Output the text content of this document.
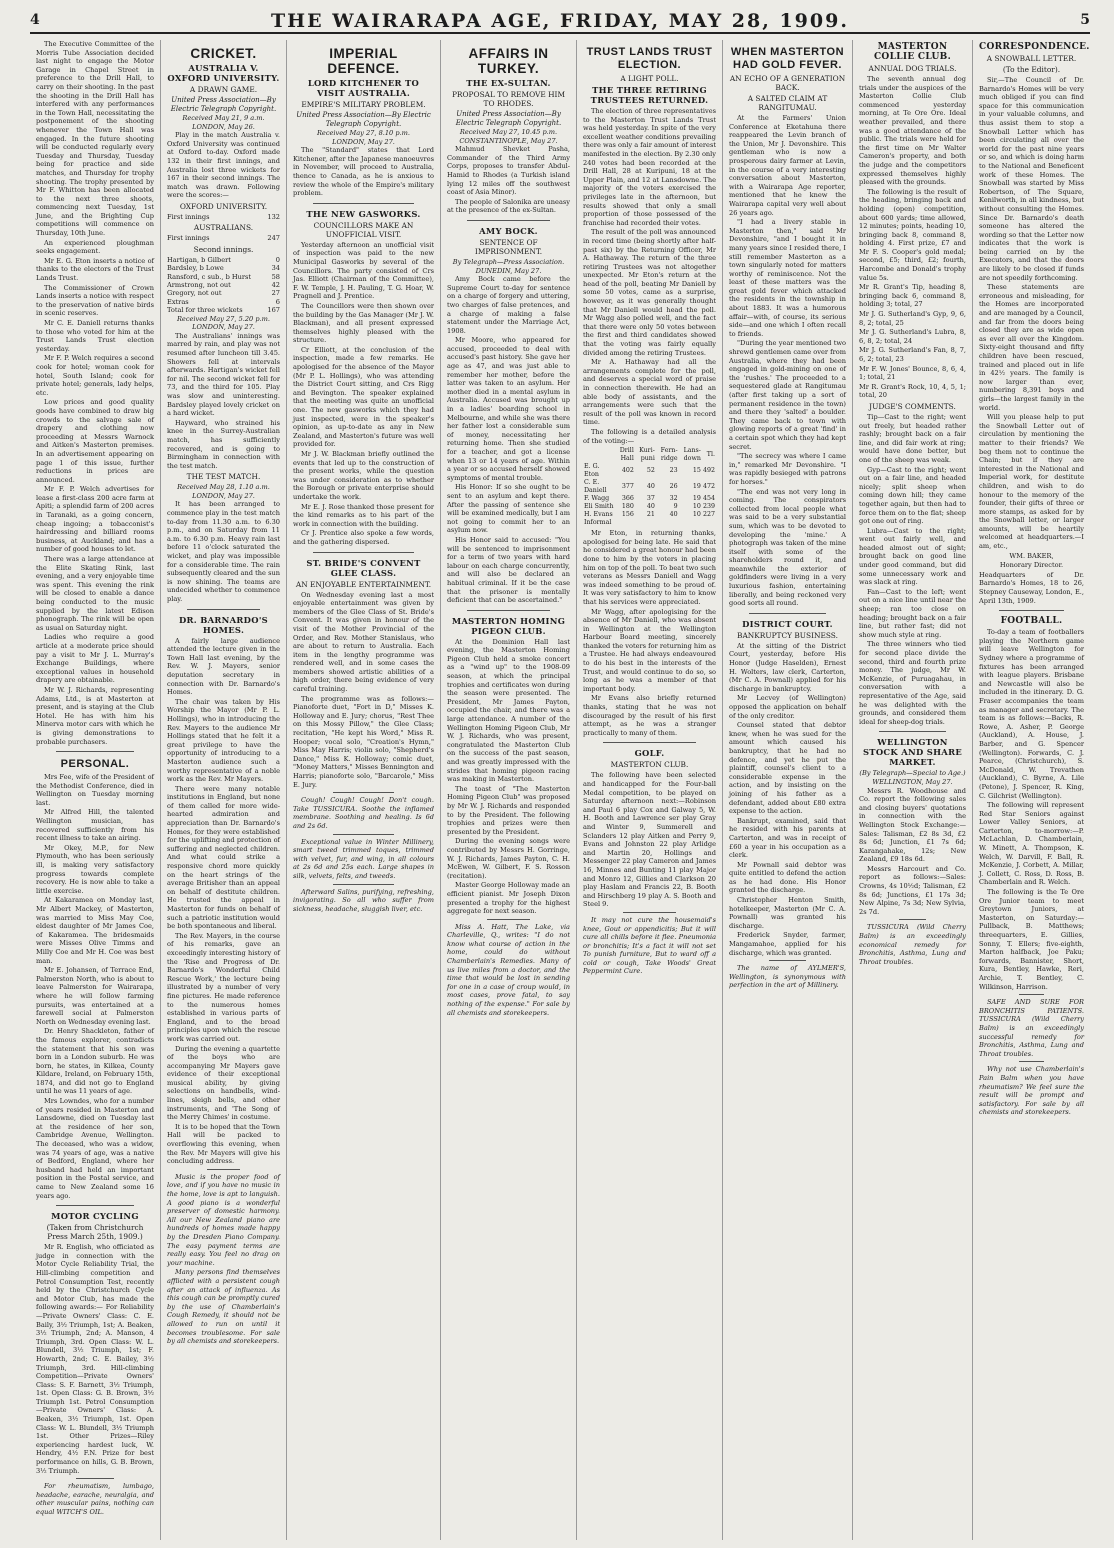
4	THE WAIRARAPA AGE, FRIDAY, MAY 28, 1909.	5

The Executive Committee of the Morris Tube Association decided last night to engage the Motor Garage in Chapel Street in preference to the Drill Hall, to carry on their shooting. In the past the shooting in the Drill Hall has interfered with any performances in the Town Hall, necessitating the postponement of the shooting whenever the Town Hall was engaged. In the future shooting will be conducted regularly every Tuesday and Thursday, Tuesday being for practice and side matches, and Thursday for trophy shooting. The trophy presented by Mr F. Whitton has been allocated to the next three shoots, commencing next Tuesday, 1st June, and the Brighting Cup competitions will commence on Thursday, 10th June.

An experienced ploughman seeks engagement.

Mr E. G. Eton inserts a notice of thanks to the electors of the Trust Lands Trust.

The Commissioner of Crown Lands inserts a notice with respect to the preservation of native birds in scenic reserves.

Mr C. E. Daniell returns thanks to those who voted for him at the Trust Lands Trust election yesterday.

Mr F. P. Welch requires a second cook for hotel; woman cook for hotel, South Island; cook for private hotel; generals, lady helps, etc.

Low prices and good quality goods have combined to draw big crowds to the salvage sale of drapery and clothing now proceeding at Messrs Warnock and Aitken's Masterton premises. In an advertisement appearing on page 1 of this issue, further reductions in prices are announced.

Mr F. P. Welch advertises for lease a first-class 200 acre farm at Apiti; a splendid farm of 200 acres in Taranaki, as a going concern, cheap ingoing; a tobacconist's hairdressing and billiard rooms business, at Auckland; and has a number of good houses to let.

There was a large attendance at the Elite Skating Rink, last evening, and a very enjoyable time was spent. This evening the rink will be closed to enable a dance being conducted to the music supplied by the latest Edison phonograph. The rink will be open as usual on Saturday night.

Ladies who require a good article at a moderate price should pay a visit to Mr J. L. Murray's Exchange Buildings, where exceptional values in household drapery are obtainable.

Mr W. J. Richards, representing Adams, Ltd., is at Masterton at present, and is staying at the Club Hotel. He has with him his Minerva motor cars with which he is giving demonstrations to probable purchasers.

PERSONAL.

Mrs Fee, wife of the President of the Methodist Conference, died in Wellington on Tuesday morning last.

Mr Alfred Hill, the talented Wellington musician, has recovered sufficiently from his recent illness to take an airing.

Mr Okey, M.P., for New Plymouth, who has been seriously ill, is making very satisfactory progress towards complete recovery. He is now able to take a little exercise.

At Kakaramea on Monday last, Mr Albert Mackey, of Masterton, was married to Miss May Coe, eldest daughter of Mr James Coe, of Kakaramea. The bridesmaids were Misses Olive Timms and Milly Coe and Mr H. Coe was best man.

Mr E. Johansen, of Terrace End, Palmerston North, who is about to leave Palmerston for Wairarapa, where he will follow farming pursuits, was entertained at a farewell social at Palmerston North on Wednesday evening last.

Dr. Henry Shackleton, father of the famous explorer, contradicts the statement that his son was born in a London suburb. He was born, he states, in Kilkea, County Kildare, Ireland, on February 15th, 1874, and did not go to England until he was 11 years of age.

Mrs Lowndes, who for a number of years resided in Masterton and Lansdowne, died on Tuesday last at the residence of her son, Cambridge Avenue, Wellington. The deceased, who was a widow, was 74 years of age, was a native of Bedford, England, where her husband had held an important position in the Postal service, and came to New Zealand some 16 years ago.

MOTOR CYCLING
(Taken from Christchurch Press March 25th, 1909.)

Mr R. English, who officiated as judge in connection with the Motor Cycle Reliability Trial, the Hill-climbing competition and Petrol Consumption Test, recently held by the Christchurch Cycle and Motor Club, has made the following awards:— For Reliability—Private Owners' Class: C. E. Baily, 3½ Triumph, 1st; A. Beaken, 3½ Triumph, 2nd; A. Manson, 4 Triumph, 3rd. Open Class: W. L. Blundell, 3½ Triumph, 1st; F. Howarth, 2nd; C. E. Bailey, 3½ Triumph, 3rd. Hill-climbing Competition—Private Owners' Class: S. F. Barnett, 3½ Triumph, 1st. Open Class: G. B. Brown, 3½ Triumph 1st. Petrol Consumption—Private Owners' Class: A. Beaken, 3½ Triumph, 1st. Open Class: W. L. Blundell, 3½ Triumph 1st. Other Prizes—Riley experiencing hardest luck, W. Hendry, 4½ F.N. Prize for best performance on hills, G. B. Brown, 3½ Triumph.

For rheumatism, lumbago, headache, earache, neuralgia, and other muscular pains, nothing can equal WITCH'S OIL.

CRICKET.
AUSTRALIA V. OXFORD UNIVERSITY.
A DRAWN GAME.
United Press Association—By Electric Telegraph Copyright.
Received May 21, 9 a.m.
LONDON, May 26.

Play in the match Australia v. Oxford University was continued at Oxford to-day. Oxford made 132 in their first innings, and Australia lost three wickets for 167 in their second innings. The match was drawn. Following were the scores:—

OXFORD UNIVERSITY.
First innings	132
AUSTRALIANS.
First innings	247
Second innings.
Hartigan, b Gilbert	0
Bardsley, b Lowe	34
Ransford, c sub., b Hurst	58
Armstrong, not out	42
Gregory, not out	27
Extras	6
Total for three wickets	167
Received May 27, 5.20 p.m.
LONDON, May 27.

The Australians' innings was marred by rain, and play was not resumed after luncheon till 3.45. Showers fell at intervals afterwards. Hartigan's wicket fell for nil. The second wicket fell for 73, and the third for 105. Play was slow and uninteresting. Bardsley played lovely cricket on a hard wicket.

Hayward, who strained his knee in the Surrey-Australian match, has sufficiently recovered, and is going to Birmingham in connection with the test match.

THE TEST MATCH.
Received May 28, 1.10 a.m.
LONDON, May 27.

It has been arranged to commence play in the test match to-day from 11.30 a.m. to 6.30 p.m., and on Saturday from 11 a.m. to 6.30 p.m. Heavy rain last before 11 o'clock saturated the wicket, and play was impossible for a considerable time. The rain subsequently cleared and the sun is now shining. The teams are undecided whether to commence play.

DR. BARNARDO'S HOMES.

A fairly large audience attended the lecture given in the Town Hall last evening, by the Rev. W. J. Mayers, senior deputation secretary in connection with Dr. Barnardo's Homes.

The chair was taken by His Worship the Mayor (Mr P. L. Hollings), who in introducing the Rev. Mayers to the audience Mr Hollings stated that he felt it a great privilege to have the opportunity of introducing to a Masterton audience such a worthy representative of a noble work as the Rev. Mr Mayers.

There were many notable institutions in England, but none of them called for more wide-hearted admiration and appreciation than Dr. Barnardo's Homes, for they were established for the uplifting and protection of suffering and neglected children. And what could strike a responsive chord more quickly on the heart strings of the average Britisher than an appeal on behalf of destitute children. He trusted the appeal in Masterton for funds on behalf of such a patriotic institution would be both spontaneous and liberal.

The Rev. Mayers, in the course of his remarks, gave an exceedingly interesting history of the 'Rise and Progress of Dr. Barnardo's Wonderful Child Rescue Work,' the lecture being illustrated by a number of very fine pictures. He made reference to the numerous homes established in various parts of England, and to the broad principles upon which the rescue work was carried out.

During the evening a quartette of the boys who are accompanying Mr Mayers gave evidence of their exceptional musical ability, by giving selections on handbells, wind-lines, sleigh bells, and other instruments, and 'The Song of the Merry Chimes' in costume.

It is to be hoped that the Town Hall will be packed to overflowing this evening, when the Rev. Mr Mayers will give his concluding address.

Music is the proper food of love, and if you have no music in the home, love is apt to languish. A good piano is a wonderful preserver of domestic harmony. All our New Zealand piano are hundreds of homes made happy by the Dresden Piano Company. The easy payment terms are really easy. You feel no drag on your machine.

Many persons find themselves afflicted with a persistent cough after an attack of influenza. As this cough can be promptly cured by the use of Chamberlain's Cough Remedy, it should not be allowed to run on until it becomes troublesome. For sale by all chemists and storekeepers.

IMPERIAL DEFENCE.
LORD KITCHENER TO VISIT AUSTRALIA.
EMPIRE'S MILITARY PROBLEM.
United Press Association—By Electric Telegraph Copyright.
Received May 27, 8.10 p.m.
LONDON, May 27.

The "Standard" states that Lord Kitchener, after the Japanese manoeuvres in November, will proceed to Australia, thence to Canada, as he is anxious to review the whole of the Empire's military problem.

THE NEW GASWORKS.
COUNCILLORS MAKE AN UNOFFICIAL VISIT.

Yesterday afternoon an unofficial visit of inspection was paid to the new Municipal Gasworks by several of the Councillors. The party consisted of Crs Jas. Elliott (Chairman of the Committee), F. W. Temple, J. H. Pauling, T. G. Hoar, W. Pragnell and J. Prentice.

The Councillors were then shown over the building by the Gas Manager (Mr J. W. Blackman), and all present expressed themselves highly pleased with the structure.

Cr Elliott, at the conclusion of the inspection, made a few remarks. He apologised for the absence of the Mayor (Mr P. L. Hollings), who was attending the District Court sitting, and Crs Rigg and Bevington. The speaker explained that the meeting was quite an unofficial one. The new gasworks which they had just inspected, were in the speaker's opinion, as up-to-date as any in New Zealand, and Masterton's future was well provided for.

Mr J. W. Blackman briefly outlined the events that led up to the construction of the present works, while the question was under consideration as to whether the Borough or private enterprise should undertake the work.

Mr E. J. Rose thanked those present for the kind remarks as to his part of the work in connection with the building.

Cr J. Prentice also spoke a few words, and the gathering dispersed.

ST. BRIDE'S CONVENT GLEE CLASS.
AN ENJOYABLE ENTERTAINMENT.

On Wednesday evening last a most enjoyable entertainment was given by members of the Glee Class of St. Bride's Convent. It was given in honour of the visit of the Mother Provincial of the Order, and Rev. Mother Stanislaus, who are about to return to Australia. Each item in the lengthy programme was rendered well, and in some cases the members showed artistic abilities of a high order, there being evidence of very careful training.

The programme was as follows:—Pianoforte duet, "Fort in D," Misses K. Holloway and E. Jury; chorus, "Rest Thee on this Mossy Pillow," the Glee Class; recitation, "He kept his Word," Miss R. Hooper; vocal solo, "Creation's Hymn," Miss May Harris; violin solo, "Shepherd's Dance," Miss K. Holloway; comic duet, "Money Matters," Misses Bennington and Harris; pianoforte solo, "Barcarole," Miss E. Jury.

Cough! Cough! Cough! Don't cough. Take TUSSICURA. Soothe the inflamed membrane. Soothing and healing. Is 6d and 2s 6d.

Exceptional value in Winter Millinery, smart tweed trimmed toques, trimmed with velvet, fur, and wing, in all colours at 2s 6d and 25s each. Large shapes in silk, velvets, felts, and tweeds.

Afterward Salins, purifying, refreshing, invigorating. So all who suffer from sickness, headache, sluggish liver, etc.

AFFAIRS IN TURKEY.
THE EX-SULTAN.
PROPOSAL TO REMOVE HIM TO RHODES.
United Press Association—By Electric Telegraph Copyright.
Received May 27, 10.45 p.m.
CONSTANTINOPLE, May 27.

Mahmud Shevket Pasha, Commander of the Third Army Corps, proposes to transfer Abdul-Hamid to Rhodes (a Turkish island lying 12 miles off the southwest coast of Asia Minor).

The people of Salonika are uneasy at the presence of the ex-Sultan.

AMY BOCK.
SENTENCE OF IMPRISONMENT.
By Telegraph—Press Association. DUNEDIN, May 27.

Amy Bock came before the Supreme Court to-day for sentence on a charge of forgery and uttering, two charges of false pretences, and a charge of making a false statement under the Marriage Act, 1908.

Mr Moore, who appeared for accused, proceeded to deal with accused's past history. She gave her age as 47, and was just able to remember her mother, before the latter was taken to an asylum. Her mother died in a mental asylum in Australia. Accused was brought up in a ladies' boarding school in Melbourne, and while she was there her father lost a considerable sum of money, necessitating her returning home. Then she studied for a teacher, and got a license when 13 or 14 years of age. Within a year or so accused herself showed symptoms of mental trouble.

His Honor: If so she ought to be sent to an asylum and kept there. After the passing of sentence she will be examined medically, but I am not going to commit her to an asylum now.

His Honor said to accused: "You will be sentenced to imprisonment for a term of two years with hard labour on each charge concurrently, and will also be declared an habitual criminal. If it be the case that the prisoner is mentally deficient that can be ascertained."

MASTERTON HOMING PIGEON CLUB.

At the Dominion Hall last evening, the Masterton Homing Pigeon Club held a smoke concert as a "wind up" to the 1908-09 season, at which the principal trophies and certificates won during the season were presented. The President, Mr James Payton, occupied the chair, and there was a large attendance. A number of the Wellington Homing Pigeon Club, Mr W. J. Richards, who was present, congratulated the Masterton Club on the success of the past season, and was greatly impressed with the strides that homing pigeon racing was making in Masterton.

The toast of "The Masterton Homing Pigeon Club" was proposed by Mr W. J. Richards and responded to by the President. The following trophies and prizes were then presented by the President.

During the evening songs were contributed by Messrs H. Gorringe, W. J. Richards, James Payton, C. H. McEwen, W. Gilbert, F. S. Rosson (recitation).

Master George Holloway made an efficient pianist. Mr Joseph Dixon presented a trophy for the highest aggregate for next season.

Miss A. Hatt, The Lake, via Charleville, Q., writes: "I do not know what course of action in the home, could do without Chamberlain's Remedies. Many of us live miles from a doctor, and the time that would be lost in sending for one in a case of croup would, in most cases, prove fatal, to say nothing of the expense." For sale by all chemists and storekeepers.

TRUST LANDS TRUST ELECTION.
A LIGHT POLL.
THE THREE RETIRING TRUSTEES RETURNED.

The election of three representatives to the Masterton Trust Lands Trust was held yesterday. In spite of the very excellent weather conditions prevailing there was only a fair amount of interest manifested in the election. By 2.30 only 240 votes had been recorded at the Drill Hall, 28 at Kuripuni, 18 at the Upper Plain, and 12 at Lansdowne. The majority of the voters exercised the privileges late in the afternoon, but results showed that only a small proportion of those possessed of the franchise had recorded their votes.

The result of the poll was announced in record time (being shortly after half-past six) by the Returning Officer, Mr A. Hathaway. The return of the three retiring Trustees was not altogether unexpected. Mr Eton's return at the head of the poll, beating Mr Daniell by some 50 votes, came as a surprise, however, as it was generally thought that Mr Daniell would head the poll. Mr Wagg also polled well, and the fact that there were only 50 votes between the first and third candidates showed that the voting was fairly equally divided among the retiring Trustees.

Mr A. Hathaway had all the arrangements complete for the poll, and deserves a special word of praise in connection therewith. He had an able body of assistants, and the arrangements were such that the result of the poll was known in record time.

The following is a detailed analysis of the voting:—

	Drill Hall	Kuri-puni	Fern-ridge	Lans-down	Tl.
E. G. Eton	402	52	23	15	492
C. E. Daniell	377	40	26	19	472
F. Wagg	366	37	32	19	454
Eli Smith	180	40	9	10	239
H. Evans	156	21	40	10	227
Informal					

Mr Eton, in returning thanks, apologised for being late. He said that he considered a great honour had been done to him by the voters in placing him on top of the poll. To beat two such veterans as Messrs Daniell and Wagg was indeed something to be proud of. It was very satisfactory to him to know that his services were appreciated.

Mr Wagg, after apologising for the absence of Mr Daniell, who was absent in Wellington at the Wellington Harbour Board meeting, sincerely thanked the voters for returning him as a Trustee. He had always endeavoured to do his best in the interests of the Trust, and would continue to do so, so long as he was a member of that important body.

Mr Evans also briefly returned thanks, stating that he was not discouraged by the result of his first attempt, as he was a stranger practically to many of them.

GOLF.
MASTERTON CLUB.

The following have been selected and handicapped for the Four-ball Medal competition, to be played on Saturday afternoon next:—Robinson and Paul 6 play Cox and Galway 5, W. H. Booth and Lawrence ser play Gray and Winter 9, Summerell and Sclanders 12 play Aitken and Perry 9, Evans and Johnston 22 play Arlidge and Martin 20, Hollings and Messenger 22 play Cameron and James 16, Minnes and Bunting 11 play Major and Monro 12, Gillies and Clarkson 20 play Haslam and Francis 22, B. Booth and Hirschberg 19 play A. S. Booth and Steel 9.

It may not cure the housemaid's knee, Gout or appendicitis; But it will cure all chills before it flee. Pneumonia or bronchitis; It's a fact it will not set To punish furniture, But to ward off a cold or cough, Take Woods' Great Peppermint Cure.

WHEN MASTERTON HAD GOLD FEVER.
AN ECHO OF A GENERATION BACK.
A SALTED CLAIM AT RANGITUMAU.

At the Farmers' Union Conference at Eketahuna there reappeared the Levin branch of the Union, Mr J. Devonshire. This gentleman who is now a prosperous dairy farmer at Levin, in the course of a very interesting conversation about Masterton, with a Wairarapa Age reporter, mentioned that he knew the Wairarapa capital very well about 26 years ago.

"I had a livery stable in Masterton then," said Mr Devonshire, "and I bought it in many years since I resided there, I still remember Masterton as a town singularly noted for matters worthy of reminiscence. Not the least of these matters was the great gold fever which attacked the residents in the township in about 1883. It was a humorous affair—with, of course, its serious side—and one which I often recall to friends.

"During the year mentioned two shrewd gentlemen came over from Australia, where they had been engaged in gold-mining on one of the 'rushes.' The proceeded to a sequestered glade at Rangitumau (after first taking up a sort of permanent residence in the town) and there they 'salted' a boulder. They came back to town with glowing reports of a great 'find' in a certain spot which they had kept secret.

"The secrecy was where I came in," remarked Mr Devonshire. "I was rapidly besieged with patrons for horses."

"The end was not very long in coming. The conspirators collected from local people what was said to be a very substantial sum, which was to be devoted to developing the 'mine.' A photograph was taken of the mine itself with some of the shareholders round it, and meanwhile the exterior of goldfinders were living in a very luxurious fashion, entertaining liberally, and being reckoned very good sorts all round.

DISTRICT COURT.
BANKRUPTCY BUSINESS.

At the sitting of the District Court, yesterday, before His Honor (Judge Haselden), Ernest H. Wolters, law clerk, Carterton, (Mr C. A. Pownall) applied for his discharge in bankruptcy.

Mr Lecvey (of Wellington) opposed the application on behalf of the only creditor.

Counsel stated that debtor knew, when he was sued for the amount which caused his bankruptcy, that he had no defence, and yet he put the plaintiff, counsel's client to a considerable expense in the action, and by insisting on the joining of his father as a defendant, added about £80 extra expense to the action.

Bankrupt, examined, said that he resided with his parents at Carterton, and was in receipt of £60 a year in his occupation as a clerk.

Mr Pownall said debtor was quite entitled to defend the action as he had done. His Honor granted the discharge.

Christopher Henton Smith, hotelkeeper, Masterton (Mr C. A. Pownall) was granted his discharge.

Frederick Snyder, farmer, Mangamahoe, applied for his discharge, which was granted.

The name of AYLMER'S, Wellington, is synonymous with perfection in the art of Millinery.

MASTERTON COLLIE CLUB.
ANNUAL DOG TRIALS.

The seventh annual dog trials under the auspices of the Masterton Collie Club commenced yesterday morning, at Te Ore Ore. Ideal weather prevailed, and there was a good attendance of the public. The trials were held for the first time on Mr Walter Cameron's property, and both the judge and the competitors expressed themselves highly pleased with the grounds.

The following is the result of the heading, bringing back and holding (open) competition, about 600 yards; time allowed, 12 minutes; points, heading 10, bringing back 8, command 8, holding 4. First prize, £7 and Mr F. S. Cooper's gold medal; second, £5; third, £2; fourth, Harcombe and Donald's trophy value 5s.

Mr R. Grant's Tip, heading 8, bringing back 6, command 8, holding 3; total, 27

Mr J. G. Sutherland's Gyp, 9, 6, 8, 2; total, 25

Mr J. G. Sutherland's Lubra, 8, 6, 8, 2; total, 24

Mr J. G. Sutherland's Fan, 8, 7, 6, 2; total, 23

Mr F. W. Jones' Bounce, 8, 6, 4, 1; total, 21

Mr R. Grant's Rock, 10, 4, 5, 1; total, 20

JUDGE'S COMMENTS.

Tip—Cast to the right; went out freely, but headed rather rashly; brought back on a fair line, and did fair work at ring; would have done better, but one of the sheep was weak.

Gyp—Cast to the right; went out on a fair line, and headed nicely; split sheep when coming down hill; they came together again, but then had to force them on to the flat; sheep got one out of ring.

Lubra—Cast to the right; went out fairly well, and headed almost out of sight; brought back on good line under good command, but did some unnecessary work and was slack at ring.

Fan—Cast to the left; went out on a nice line until near the sheep; ran too close on heading; brought back on a fair line, but rather fast; did not show much style at ring.

The three winners who tied for second place divide the second, third and fourth prize money. The judge, Mr W. McKenzie, of Puruagahau, in conversation with a representative of the Age, said he was delighted with the grounds, and considered them ideal for sheep-dog trials.

WELLINGTON STOCK AND SHARE MARKET.
(By Telegraph—Special to Age.) WELLINGTON, May 27.

Messrs R. Woodhouse and Co. report the following sales and closing buyers' quotations in connection with the Wellington Stock Exchange:— Sales: Talisman, £2 8s 3d, £2 8s 6d; Junction, £1 7s 6d; Karangahake, 12s; New Zealand, £9 18s 6d.

Messrs Harcourt and Co. report as follows:—Sales: Crowns, 4s 10½d; Talisman, £2 8s 6d; Junctions, £1 17s 3d; New Alpine, 7s 3d; New Sylvia, 2s 7d.

TUSSICURA (Wild Cherry Balm) is an exceedingly economical remedy for Bronchitis, Asthma, Lung and Throat troubles.

CORRESPONDENCE.
A SNOWBALL LETTER.
(To the Editor).

Sir,—The Council of Dr. Barnardo's Homes will be very much obliged if you can find space for this communication in your valuable columns, and thus assist them to stop a Snowball Letter which has been circulating all over the world for the past nine years or so, and which is doing harm to the National and Beneficent work of these Homes. The Snowball was started by Miss Robertson, of The Square, Kenilworth, in all kindness, but without consulting the Homes. Since Dr. Barnardo's death someone has altered the wording so that the Letter now indicates that the work is being carried on by the Executors, and that the doors are likely to be closed if funds are not speedily forthcoming.

These statements are erroneous and misleading, for the Homes are incorporated and are managed by a Council, and far from the doors being closed they are as wide open as ever all over the Kingdom. Sixty-eight thousand and fifty children have been rescued, trained and placed out in life in 42½ years. The family is now larger than ever, numbering 8,391 boys and girls—the largest family in the world.

Will you please help to put the Snowball Letter out of circulation by mentioning the matter to their friends? We beg them not to continue the Chain; but if they are interested in the National and Imperial work, for destitute children, and wish to do honour to the memory of the founder, their gifts of three or more stamps, as asked for by the Snowball letter, or larger amounts, will be heartily welcomed at headquarters.—I am, etc.,

WM. BAKER,

Honorary Director.

Headquarters of Dr. Barnardo's Homes, 18 to 26, Stepney Causeway, London, E., April 13th, 1909.

FOOTBALL.

To-day a team of footballers playing the Northern game will leave Wellington for Sydney where a programme of fixtures has been arranged with league players. Brisbane and Newcastle will also be included in the itinerary. D. G. Fraser accompanies the team as manager and secretary. The team is as follows:—Backs, R. Rowe, A. Asher, P. George (Auckland), A. House, J. Barber, and G. Spencer (Wellington). Forwards, C. J. Pearce, (Christchurch), S. McDonald, W. Trevathen (Auckland), C. Byrne, A. Lile (Petone), J. Spencer, R. King, C. Gilchrist (Wellington).

The following will represent Red Star Seniors against Lower Valley Seniors, at Carterton, to-morrow:—P. McLachlan, D. Chamberlain, W. Minett, A. Thompson, K. Welch, W. Darvill, F. Ball, R. McKenzie, J. Corbett, A. Millar, J. Collett, C. Ross, D. Ross, B. Chamberlain and R. Welch.

The following is the Te Ore Ore Junior team to meet Greytown Juniors, at Masterton, on Saturday:—Pullback, B. Matthews; threequarters, E. Gillies, Sonny, T. Ellers; five-eighth, Marton halfback, Joe Paku; forwards, Bannister, Short, Kura, Bentley, Hawke, Reri, Archie, T. Bentley, C. Wilkinson, Harrison.

SAFE AND SURE FOR BRONCHITIS PATIENTS. TUSSICURA (Wild Cherry Balm) is an exceedingly successful remedy for Bronchitis, Asthma, Lung and Throat troubles.

Why not use Chamberlain's Pain Balm when you have rheumatism? We feel sure the result will be prompt and satisfactory. For sale by all chemists and storekeepers.
